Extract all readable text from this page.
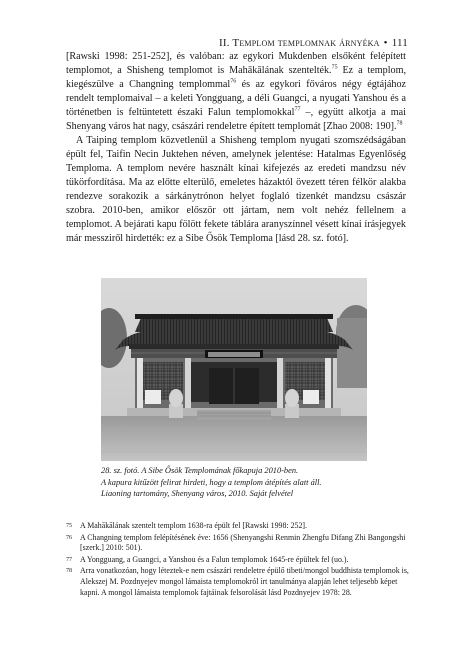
II. Templom templomnak árnyéka • 111

[Rawski 1998: 251-252], és valóban: az egykori Mukdenben elsőként felépített templomot, a Shisheng templomot is Mahākālának szentelték.$^{75}$ Ez a templom, kiegészülve a Changning templommal$^{76}$ és az egykori főváros négy égtájához rendelt templomaival – a keleti Yongguang, a déli Guangci, a nyugati Yanshou és a történetben is feltüntetett északi Falun templomokkal$^{77}$ –, együtt alkotja a mai Shenyang város hat nagy, császári rendeletre épített templomát [Zhao 2008: 190].$^{78}$

A Taiping templom közvetlenül a Shisheng templom nyugati szomszédságában épült fel, Taifin Necin Juktehen néven, amelynek jelentése: Hatalmas Egyenlőség Temploma. A templom nevére használt kínai kifejezés az eredeti mandzsu név tükörfordítása. Ma az előtte elterülő, emeletes házaktól övezett téren félkör alakba rendezve sorakozik a sárkánytrónon helyet foglaló tizenkét mandzsu császár szobra. 2010-ben, amikor először ott jártam, nem volt nehéz fellelnem a templomot. A bejárati kapu fölött fekete táblára aranyszínnel vésett kínai írásjegyek már messziről hirdették: ez a Sibe Ősök Temploma [lásd 28. sz. fotó].

28. sz. fotó. A Sibe Ősök Templomának főkapuja 2010-ben.
A kapura kitűzött felirat hirdeti, hogy a templom átépítés alatt áll.
Liaoning tartomány, Shenyang város, 2010. Saját felvétel
75	A Mahākālának szentelt templom 1638-ra épült fel [Rawski 1998: 252].
76	A Changning templom felépítésének éve: 1656 (Shenyangshi Renmin Zhengfu Difang Zhi Bangongshi [szerk.] 2010: 501).
77	A Yongguang, a Guangci, a Yanshou és a Falun templomok 1645-re épültek fel (uo.).
78	Arra vonatkozóan, hogy léteztek-e nem császári rendeletre épülő tibeti/mongol buddhista templomok is, Alekszej M. Pozdnyejev mongol lámaista templomokról írt tanulmánya alapján lehet teljesebb képet kapni. A mongol lámaista templomok fajtáinak felsorolását lásd Pozdnyejev 1978: 28.
